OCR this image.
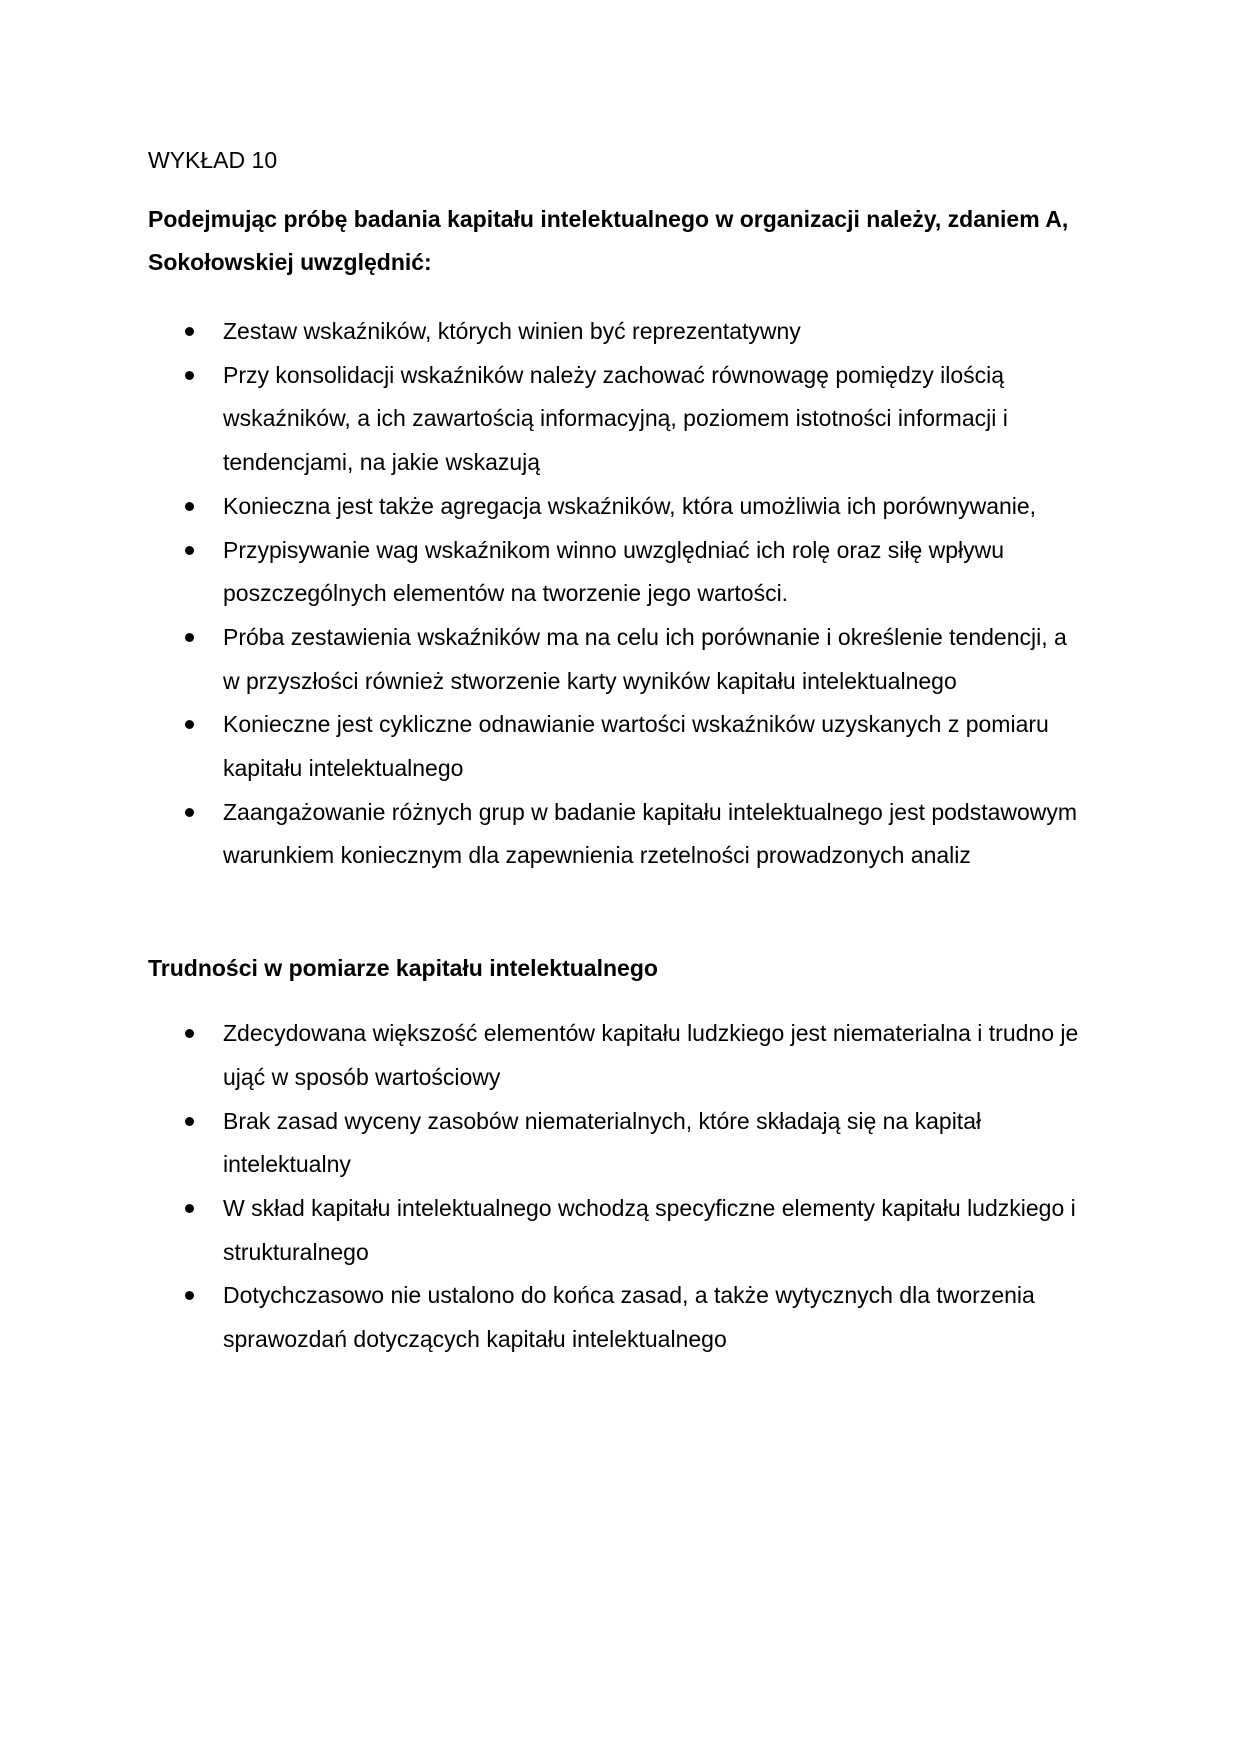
WYKŁAD 10
Podejmując próbę badania kapitału intelektualnego w organizacji należy, zdaniem A, Sokołowskiej uwzględnić:
Zestaw wskaźników, których winien być reprezentatywny
Przy konsolidacji wskaźników należy zachować równowagę pomiędzy ilością wskaźników, a ich zawartością informacyjną, poziomem istotności informacji i tendencjami, na jakie wskazują
Konieczna jest także agregacja wskaźników, która umożliwia ich porównywanie,
Przypisywanie wag wskaźnikom winno uwzględniać ich rolę oraz siłę wpływu poszczególnych elementów na tworzenie jego wartości.
Próba zestawienia wskaźników ma na celu ich porównanie i określenie tendencji, a w przyszłości również stworzenie karty wyników kapitału intelektualnego
Konieczne jest cykliczne odnawianie wartości wskaźników uzyskanych z pomiaru kapitału intelektualnego
Zaangażowanie różnych grup w badanie kapitału intelektualnego jest podstawowym warunkiem koniecznym dla zapewnienia rzetelności prowadzonych analiz
Trudności w pomiarze kapitału intelektualnego
Zdecydowana większość elementów kapitału ludzkiego jest niematerialna i trudno je ująć w sposób wartościowy
Brak zasad wyceny zasobów niematerialnych, które składają się na kapitał intelektualny
W skład kapitału intelektualnego wchodzą specyficzne elementy kapitału ludzkiego i strukturalnego
Dotychczasowo nie ustalono do końca zasad, a także wytycznych dla tworzenia sprawozdań dotyczących kapitału intelektualnego
